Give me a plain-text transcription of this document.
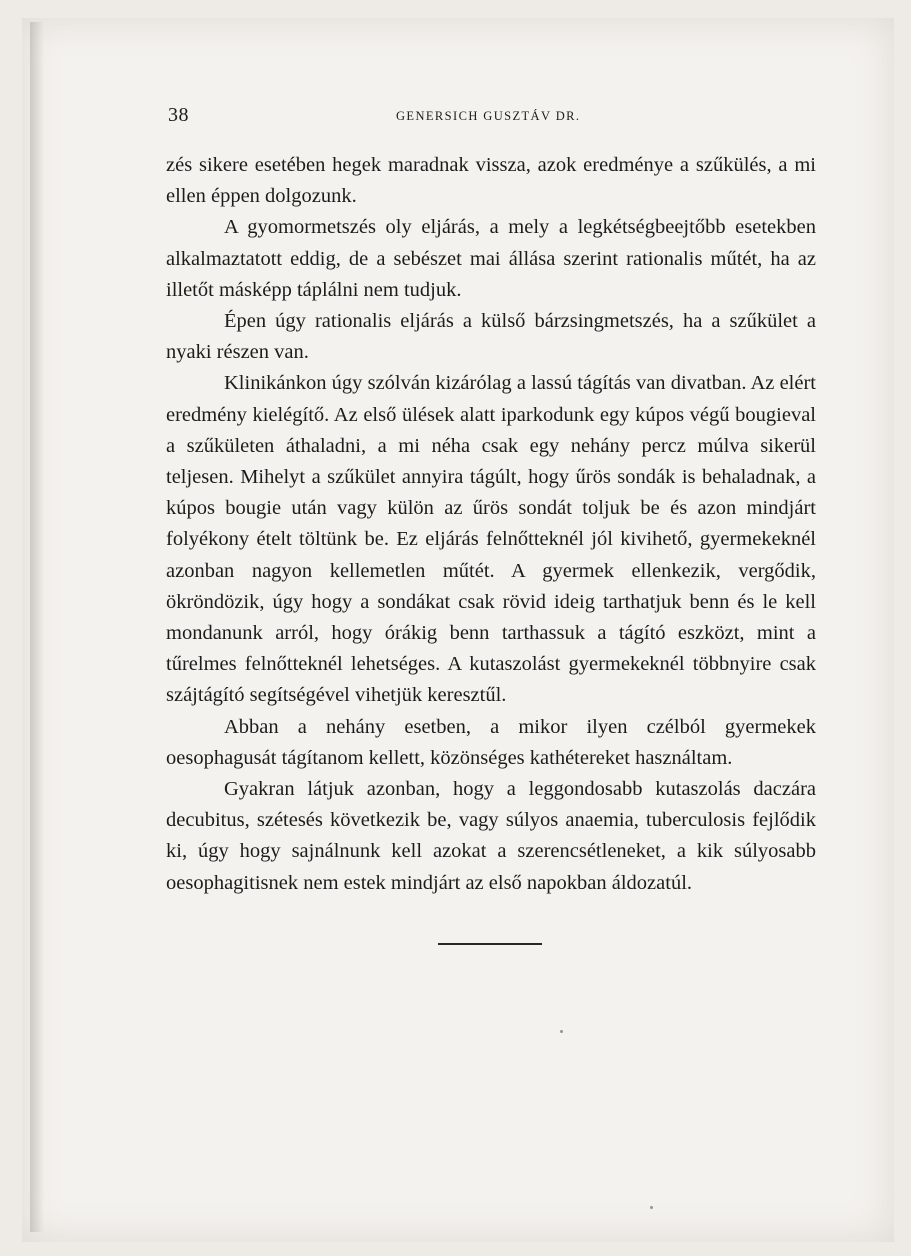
38	GENERSICH GUSZTÁV DR.

zés sikere esetében hegek maradnak vissza, azok eredménye a szűkülés, a mi ellen éppen dolgozunk.

A gyomormetszés oly eljárás, a mely a legkétségbeejtőbb esetekben alkalmaztatott eddig, de a sebészet mai állása szerint rationalis műtét, ha az illetőt másképp táplálni nem tudjuk.

Épen úgy rationalis eljárás a külső bárzsingmetszés, ha a szűkület a nyaki részen van.

Klinikánkon úgy szólván kizárólag a lassú tágítás van divatban. Az elért eredmény kielégítő. Az első ülések alatt iparkodunk egy kúpos végű bougieval a szűkületen áthaladni, a mi néha csak egy nehány percz múlva sikerül teljesen. Mihelyt a szűkület annyira tágúlt, hogy űrös sondák is behaladnak, a kúpos bougie után vagy külön az űrös sondát toljuk be és azon mindjárt folyékony ételt töltünk be. Ez eljárás felnőtteknél jól kivihető, gyermekeknél azonban nagyon kellemetlen műtét. A gyermek ellenkezik, vergődik, ökröndözik, úgy hogy a sondákat csak rövid ideig tarthatjuk benn és le kell mondanunk arról, hogy órákig benn tarthassuk a tágító eszközt, mint a tűrelmes felnőtteknél lehetséges. A kutaszolást gyermekeknél többnyire csak szájtágító segítségével vihetjük keresztűl.

Abban a nehány esetben, a mikor ilyen czélból gyermekek oesophagusát tágítanom kellett, közönséges kathétereket használtam.

Gyakran látjuk azonban, hogy a leggondosabb kutaszolás daczára decubitus, szétesés következik be, vagy súlyos anaemia, tuberculosis fejlődik ki, úgy hogy sajnálnunk kell azokat a szerencsétleneket, a kik súlyosabb oesophagitisnek nem estek mindjárt az első napokban áldozatúl.
